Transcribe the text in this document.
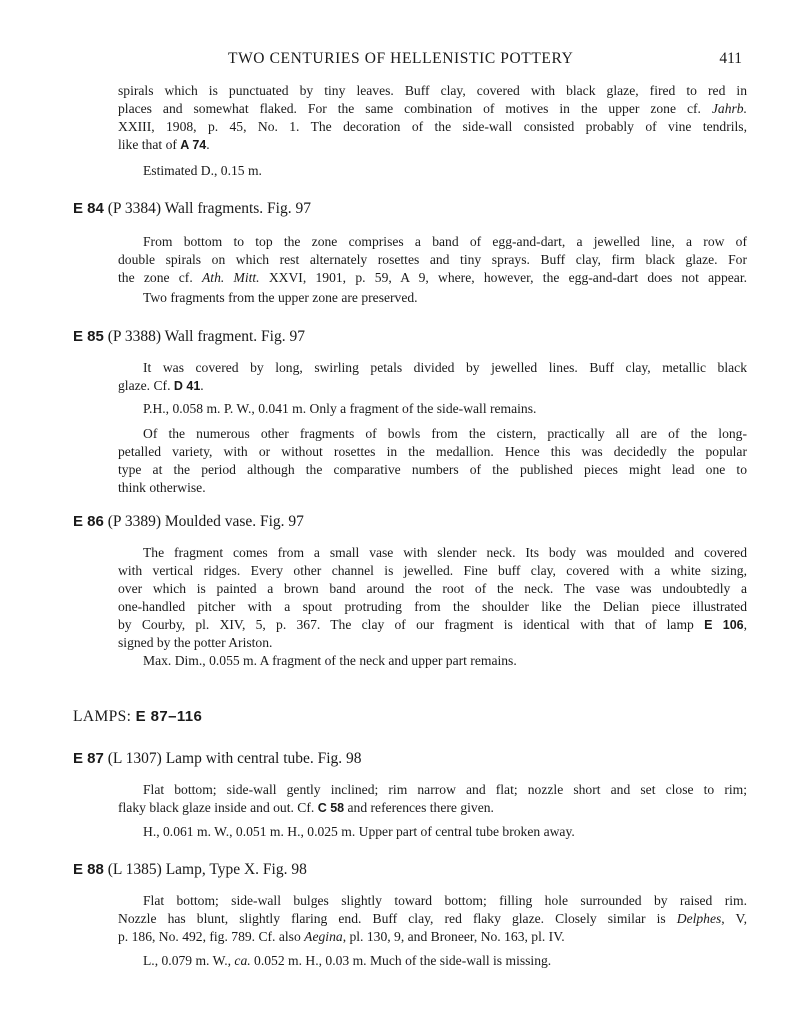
TWO CENTURIES OF HELLENISTIC POTTERY	411
spirals which is punctuated by tiny leaves. Buff clay, covered with black glaze, fired to red in
places and somewhat flaked. For the same combination of motives in the upper zone cf. Jahrb.
XXIII, 1908, p. 45, No. 1. The decoration of the side-wall consisted probably of vine tendrils,
like that of A 74.
Estimated D., 0.15 m.
E 84 (P 3384) Wall fragments. Fig. 97
From bottom to top the zone comprises a band of egg-and-dart, a jewelled line, a row of
double spirals on which rest alternately rosettes and tiny sprays. Buff clay, firm black glaze. For
the zone cf. Ath. Mitt. XXVI, 1901, p. 59, A 9, where, however, the egg-and-dart does not appear.
Two fragments from the upper zone are preserved.
E 85 (P 3388) Wall fragment. Fig. 97
It was covered by long, swirling petals divided by jewelled lines. Buff clay, metallic black
glaze. Cf. D 41.
P.H., 0.058 m. P. W., 0.041 m. Only a fragment of the side-wall remains.
Of the numerous other fragments of bowls from the cistern, practically all are of the long-
petalled variety, with or without rosettes in the medallion. Hence this was decidedly the popular
type at the period although the comparative numbers of the published pieces might lead one to
think otherwise.
E 86 (P 3389) Moulded vase. Fig. 97
The fragment comes from a small vase with slender neck. Its body was moulded and covered
with vertical ridges. Every other channel is jewelled. Fine buff clay, covered with a white sizing,
over which is painted a brown band around the root of the neck. The vase was undoubtedly a
one-handled pitcher with a spout protruding from the shoulder like the Delian piece illustrated
by Courby, pl. XIV, 5, p. 367. The clay of our fragment is identical with that of lamp E 106,
signed by the potter Ariston.
Max. Dim., 0.055 m. A fragment of the neck and upper part remains.
LAMPS: E 87–116
E 87 (L 1307) Lamp with central tube. Fig. 98
Flat bottom; side-wall gently inclined; rim narrow and flat; nozzle short and set close to rim;
flaky black glaze inside and out. Cf. C 58 and references there given.
H., 0.061 m. W., 0.051 m. H., 0.025 m. Upper part of central tube broken away.
E 88 (L 1385) Lamp, Type X. Fig. 98
Flat bottom; side-wall bulges slightly toward bottom; filling hole surrounded by raised rim.
Nozzle has blunt, slightly flaring end. Buff clay, red flaky glaze. Closely similar is Delphes, V,
p. 186, No. 492, fig. 789. Cf. also Aegina, pl. 130, 9, and Broneer, No. 163, pl. IV.
L., 0.079 m. W., ca. 0.052 m. H., 0.03 m. Much of the side-wall is missing.
